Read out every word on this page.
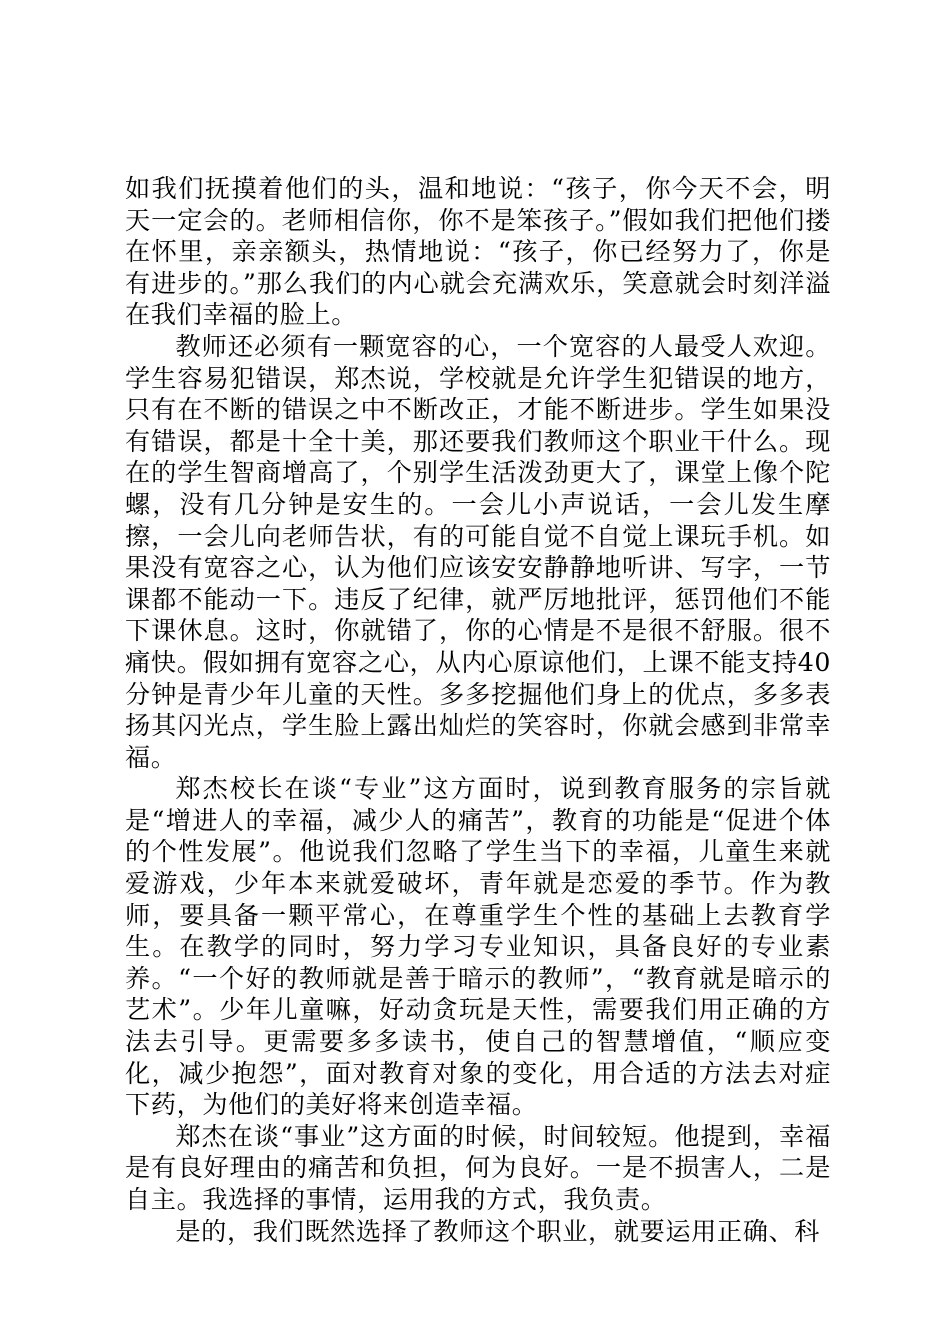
如我们抚摸着他们的头，温和地说：“孩子，你今天不会，明天一定会的。老师相信你，你不是笨孩子。”假如我们把他们搂在怀里，亲亲额头，热情地说：“孩子，你已经努力了，你是有进步的。”那么我们的内心就会充满欢乐，笑意就会时刻洋溢在我们幸福的脸上。

教师还必须有一颗宽容的心，一个宽容的人最受人欢迎。学生容易犯错误，郑杰说，学校就是允许学生犯错误的地方，只有在不断的错误之中不断改正，才能不断进步。学生如果没有错误，都是十全十美，那还要我们教师这个职业干什么。现在的学生智商增高了，个别学生活泼劲更大了，课堂上像个陀螺，没有几分钟是安生的。一会儿小声说话，一会儿发生摩擦，一会儿向老师告状，有的可能自觉不自觉上课玩手机。如果没有宽容之心，认为他们应该安安静静地听讲、写字，一节课都不能动一下。违反了纪律，就严厉地批评，惩罚他们不能下课休息。这时，你就错了，你的心情是不是很不舒服。很不痛快。假如拥有宽容之心，从内心原谅他们，上课不能支持40分钟是青少年儿童的天性。多多挖掘他们身上的优点，多多表扬其闪光点，学生脸上露出灿烂的笑容时，你就会感到非常幸福。

郑杰校长在谈“专业”这方面时，说到教育服务的宗旨就是“增进人的幸福，减少人的痛苦”，教育的功能是“促进个体的个性发展”。他说我们忽略了学生当下的幸福，儿童生来就爱游戏，少年本来就爱破坏，青年就是恋爱的季节。作为教师，要具备一颗平常心，在尊重学生个性的基础上去教育学生。在教学的同时，努力学习专业知识，具备良好的专业素养。“一个好的教师就是善于暗示的教师”，“教育就是暗示的艺术”。少年儿童嘛，好动贪玩是天性，需要我们用正确的方法去引导。更需要多多读书，使自己的智慧增值，“顺应变化，减少抱怨”，面对教育对象的变化，用合适的方法去对症下药，为他们的美好将来创造幸福。

郑杰在谈“事业”这方面的时候，时间较短。他提到，幸福是有良好理由的痛苦和负担，何为良好。一是不损害人，二是自主。我选择的事情，运用我的方式，我负责。

是的，我们既然选择了教师这个职业，就要运用正确、科
